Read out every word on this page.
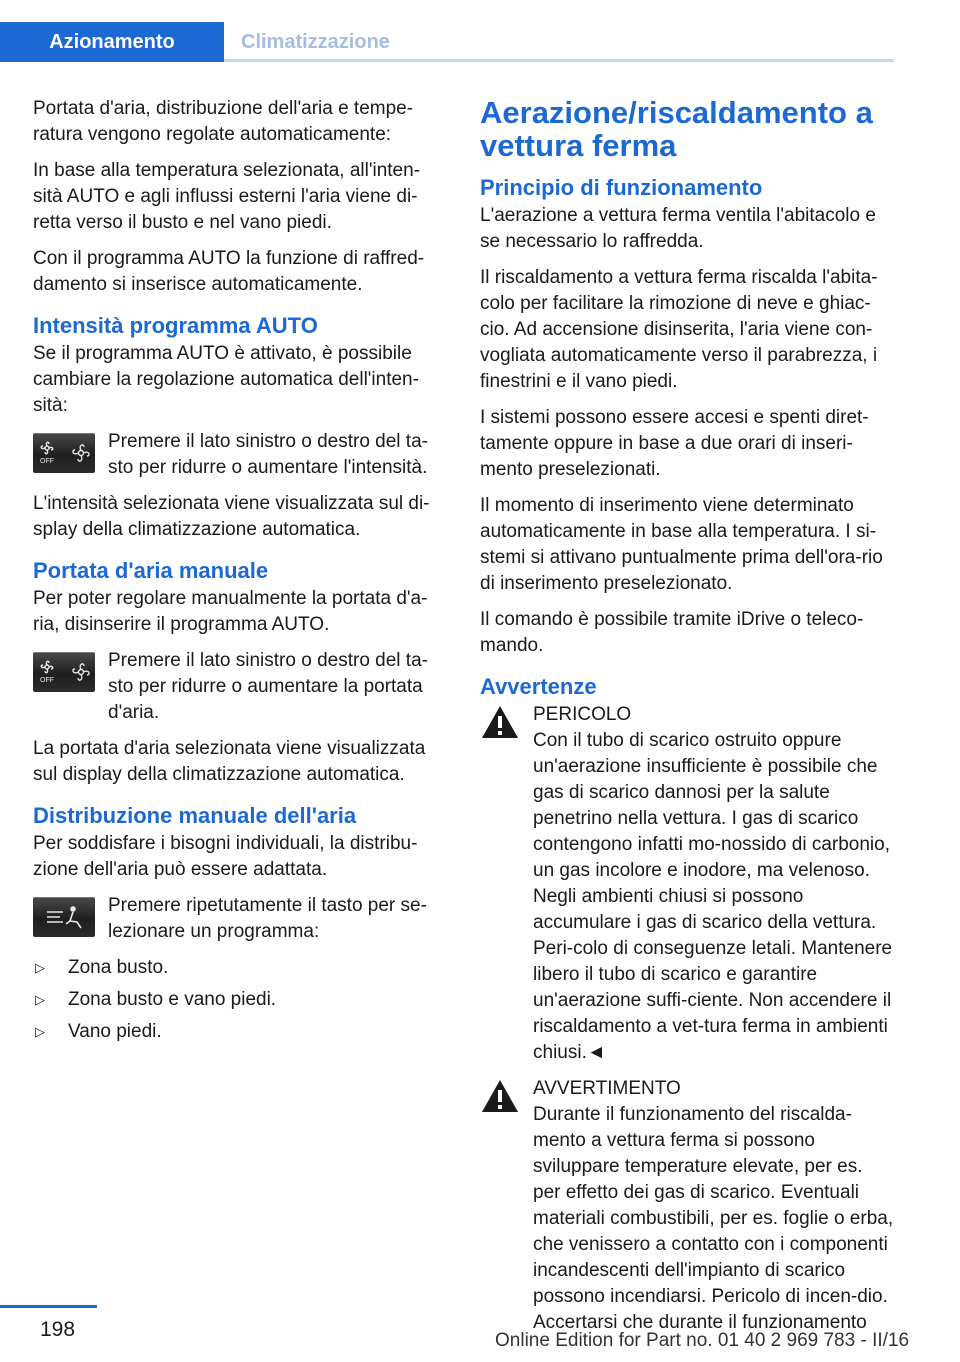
Azionamento	Climatizzazione

Portata d'aria, distribuzione dell'aria e tempe‐ratura vengono regolate automaticamente:

In base alla temperatura selezionata, all'inten‐sità AUTO e agli influssi esterni l'aria viene di‐retta verso il busto e nel vano piedi.

Con il programma AUTO la funzione di raffred‐damento si inserisce automaticamente.

Intensità programma AUTO

Se il programma AUTO è attivato, è possibile cambiare la regolazione automatica dell'inten‐sità:

OFF

Premere il lato sinistro o destro del ta‐sto per ridurre o aumentare l'intensità.

L'intensità selezionata viene visualizzata sul di‐splay della climatizzazione automatica.

Portata d'aria manuale

Per poter regolare manualmente la portata d'a‐ria, disinserire il programma AUTO.

OFF

Premere il lato sinistro o destro del ta‐sto per ridurre o aumentare la portata d'aria.

La portata d'aria selezionata viene visualizzata sul display della climatizzazione automatica.

Distribuzione manuale dell'aria

Per soddisfare i bisogni individuali, la distribu‐zione dell'aria può essere adattata.

Premere ripetutamente il tasto per se‐lezionare un programma:

▷	Zona busto.
▷	Zona busto e vano piedi.
▷	Vano piedi.
Aerazione/riscaldamento a vettura ferma
Principio di funzionamento

L'aerazione a vettura ferma ventila l'abitacolo e se necessario lo raffredda.

Il riscaldamento a vettura ferma riscalda l'abita‐colo per facilitare la rimozione di neve e ghiac‐cio. Ad accensione disinserita, l'aria viene con‐vogliata automaticamente verso il parabrezza, i finestrini e il vano piedi.

I sistemi possono essere accesi e spenti diret‐tamente oppure in base a due orari di inseri‐mento preselezionati.

Il momento di inserimento viene determinato automaticamente in base alla temperatura. I si‐stemi si attivano puntualmente prima dell'ora‐rio di inserimento preselezionato.

Il comando è possibile tramite iDrive o teleco‐mando.

Avvertenze

PERICOLO

Con il tubo di scarico ostruito oppure un'aerazione insufficiente è possibile che gas di scarico dannosi per la salute penetrino nella vettura. I gas di scarico contengono infatti mo‐nossido di carbonio, un gas incolore e inodore, ma velenoso. Negli ambienti chiusi si possono accumulare i gas di scarico della vettura. Peri‐colo di conseguenze letali. Mantenere libero il tubo di scarico e garantire un'aerazione suffi‐ciente. Non accendere il riscaldamento a vet‐tura ferma in ambienti chiusi.◄

AVVERTIMENTO

Durante il funzionamento del riscalda‐mento a vettura ferma si possono sviluppare temperature elevate, per es. per effetto dei gas di scarico. Eventuali materiali combustibili, per es. foglie o erba, che venissero a contatto con i componenti incandescenti dell'impianto di scarico possono incendiarsi. Pericolo di incen‐dio. Accertarsi che durante il funzionamento

198	Online Edition for Part no. 01 40 2 969 783 - II/16
